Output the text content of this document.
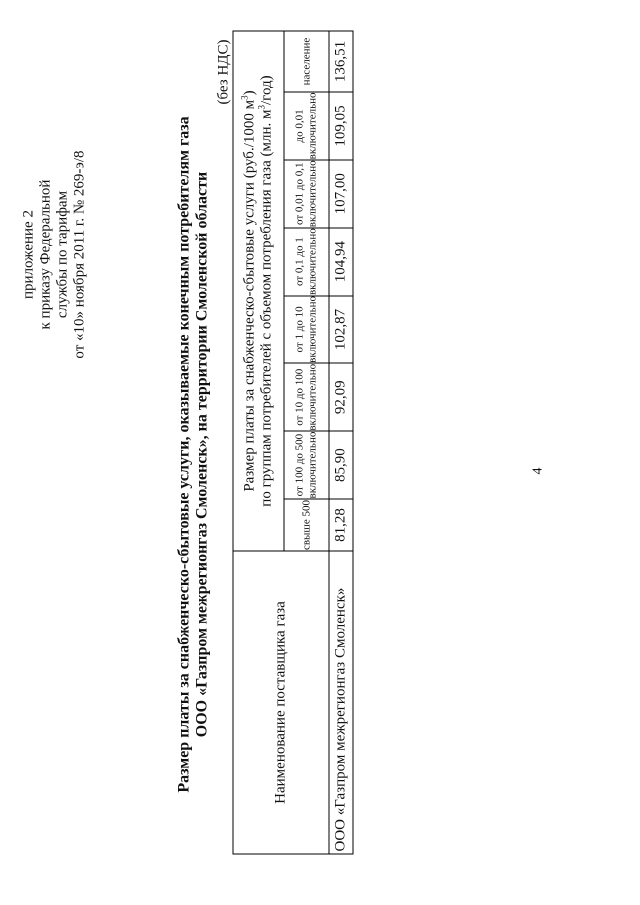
приложение 2 к приказу Федеральной службы по тарифам от «10» ноября 2011 г. № 269-э/8	Размер платы за снабженческо-сбытовые услуги, оказываемые конечным потребителям газа ООО «Газпром межрегионгаз Смоленск», на территории Смоленской области
(без НДС)
Наименование поставщика газа	Размер платы за снабженческо-сбытовые услуги (руб./1000 $м^3$)
по группам потребителей с объемом потребления газа (млн. $м^3/год$)							

	свыше 500	от 100 до 500 включительно	от 10 до 100 включительно	от 1 до 10 включительно	от 0,1 до 1 включительно	от 0,01 до 0,1 включительно	до 0,01 включительно	население
ООО «Газпром межрегионгаз Смоленск»	81,28	85,90	92,09	102,87	104,94	107,00	109,05	136,51
4
